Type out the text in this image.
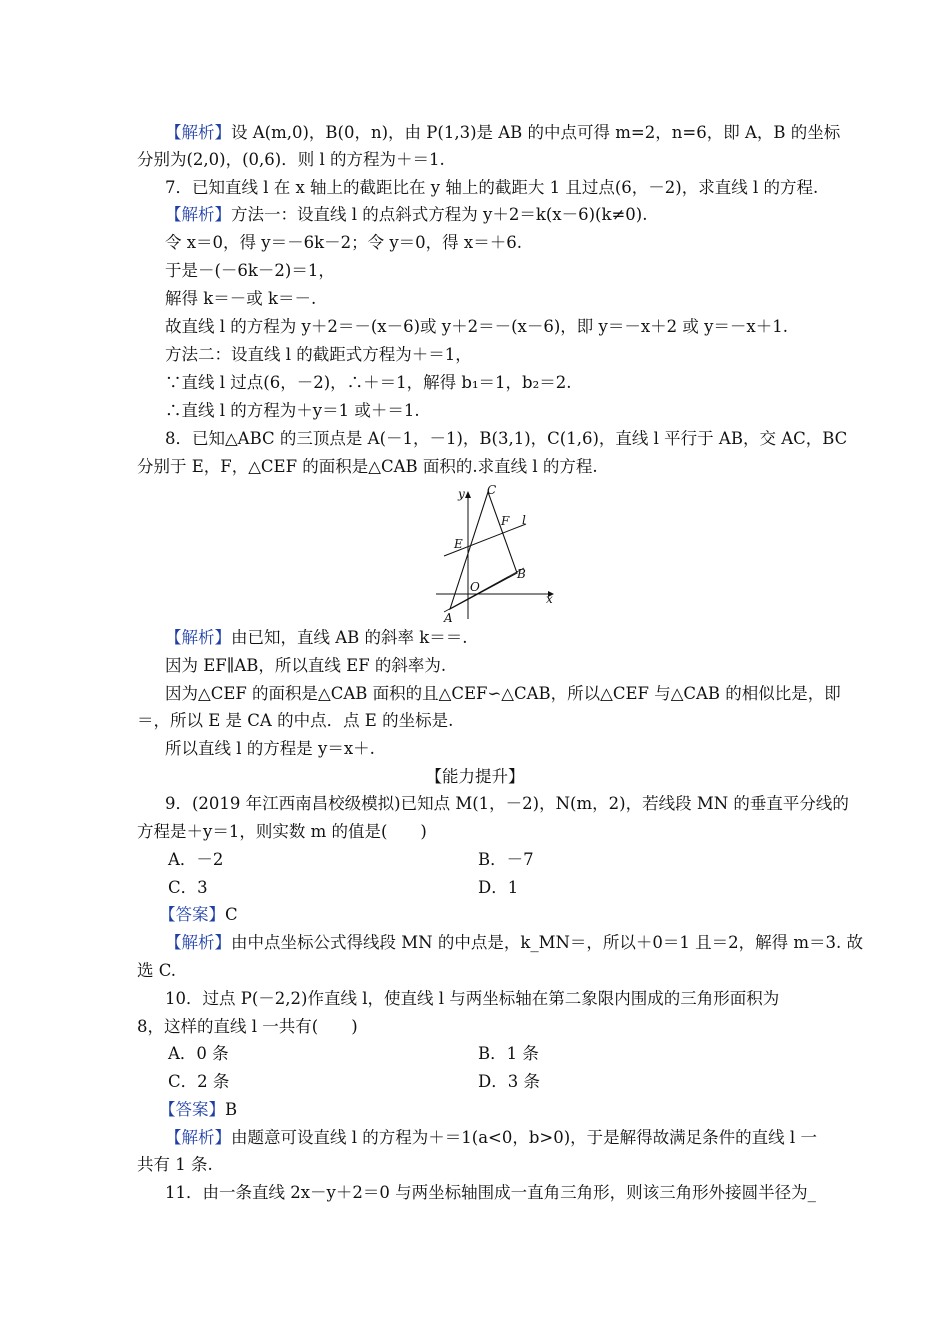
【解析】设 A(m,0)，B(0，n)，由 P(1,3)是 AB 的中点可得 m=2，n=6，即 A，B 的坐标
分别为(2,0)，(0,6)．则 l 的方程为＋＝1.
7．已知直线 l 在 x 轴上的截距比在 y 轴上的截距大 1 且过点(6，－2)，求直线 l 的方程.
【解析】方法一：设直线 l 的点斜式方程为 y＋2＝k(x－6)(k≠0).
令 x＝0，得 y＝－6k－2；令 y＝0，得 x＝＋6.
于是－(－6k－2)＝1，
解得 k＝－或 k＝－.
故直线 l 的方程为 y＋2＝－(x－6)或 y＋2＝－(x－6)，即 y＝－x＋2 或 y＝－x＋1.
方法二：设直线 l 的截距式方程为＋＝1，
∵直线 l 过点(6，－2)，∴＋＝1，解得 b₁＝1，b₂＝2.
∴直线 l 的方程为＋y＝1 或＋＝1.
8．已知△ABC 的三顶点是 A(－1，－1)，B(3,1)，C(1,6)，直线 l 平行于 AB，交 AC，BC
分别于 E，F，△CEF 的面积是△CAB 面积的.求直线 l 的方程.
y
x
C
F l
E
O
B
A
【解析】由已知，直线 AB 的斜率 k＝＝.
因为 EF∥AB，所以直线 EF 的斜率为.
因为△CEF 的面积是△CAB 面积的且△CEF∽△CAB，所以△CEF 与△CAB 的相似比是，即
＝，所以 E 是 CA 的中点．点 E 的坐标是.
所以直线 l 的方程是 y＝x＋.
【能力提升】
9．(2019 年江西南昌校级模拟)已知点 M(1，－2)，N(m，2)，若线段 MN 的垂直平分线的
方程是＋y＝1，则实数 m 的值是(　　)
A．－2	B．－7
C．3	D．1
【答案】C
【解析】由中点坐标公式得线段 MN 的中点是，k_MN＝，所以＋0＝1 且＝2，解得 m＝3. 故
选 C.
10．过点 P(－2,2)作直线 l，使直线 l 与两坐标轴在第二象限内围成的三角形面积为
8，这样的直线 l 一共有(　　)
A．0 条	B．1 条
C．2 条	D．3 条
【答案】B
【解析】由题意可设直线 l 的方程为＋＝1(a<0，b>0)，于是解得故满足条件的直线 l 一
共有 1 条.
11．由一条直线 2x－y＋2＝0 与两坐标轴围成一直角三角形，则该三角形外接圆半径为_
